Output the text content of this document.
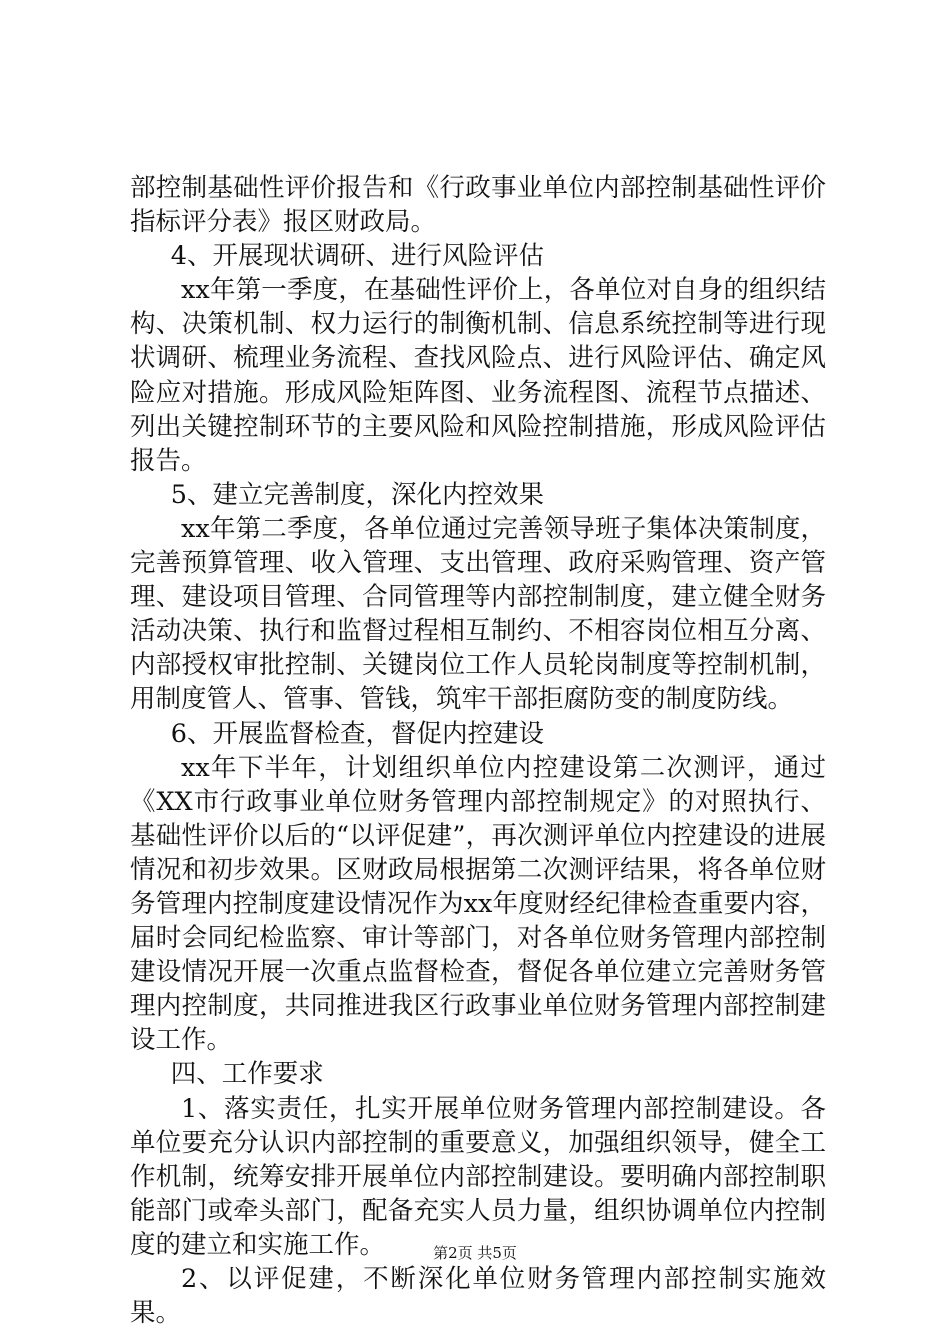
部控制基础性评价报告和《行政事业单位内部控制基础性评价指标评分表》报区财政局。

4、开展现状调研、进行风险评估

xx年第一季度，在基础性评价上，各单位对自身的组织结构、决策机制、权力运行的制衡机制、信息系统控制等进行现状调研、梳理业务流程、查找风险点、进行风险评估、确定风险应对措施。形成风险矩阵图、业务流程图、流程节点描述、列出关键控制环节的主要风险和风险控制措施，形成风险评估报告。

5、建立完善制度，深化内控效果

xx年第二季度，各单位通过完善领导班子集体决策制度，完善预算管理、收入管理、支出管理、政府采购管理、资产管理、建设项目管理、合同管理等内部控制制度，建立健全财务活动决策、执行和监督过程相互制约、不相容岗位相互分离、内部授权审批控制、关键岗位工作人员轮岗制度等控制机制，用制度管人、管事、管钱，筑牢干部拒腐防变的制度防线。

6、开展监督检查，督促内控建设

xx年下半年，计划组织单位内控建设第二次测评，通过《XX市行政事业单位财务管理内部控制规定》的对照执行、基础性评价以后的“以评促建”，再次测评单位内控建设的进展情况和初步效果。区财政局根据第二次测评结果，将各单位财务管理内控制度建设情况作为xx年度财经纪律检查重要内容，届时会同纪检监察、审计等部门，对各单位财务管理内部控制建设情况开展一次重点监督检查，督促各单位建立完善财务管理内控制度，共同推进我区行政事业单位财务管理内部控制建设工作。

四、工作要求

1、落实责任，扎实开展单位财务管理内部控制建设。各单位要充分认识内部控制的重要意义，加强组织领导，健全工作机制，统筹安排开展单位内部控制建设。要明确内部控制职能部门或牵头部门，配备充实人员力量，组织协调单位内控制度的建立和实施工作。

2、以评促建，不断深化单位财务管理内部控制实施效果。

第2页 共5页
